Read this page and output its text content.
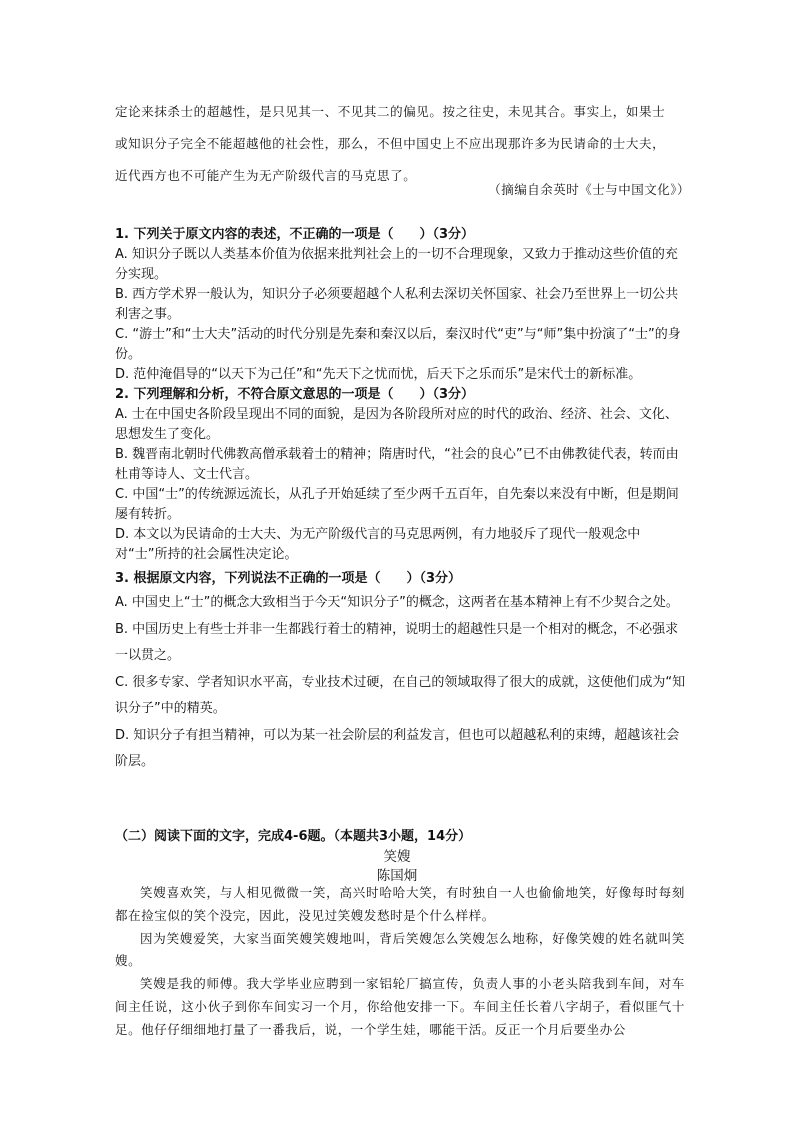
定论来抹杀士的超越性，是只见其一、不见其二的偏见。按之往史，未见其合。事实上，如果士

或知识分子完全不能超越他的社会性，那么，不但中国史上不应出现那许多为民请命的士大夫，

近代西方也不可能产生为无产阶级代言的马克思了。

（摘编自余英时《士与中国文化》）

1. 下列关于原文内容的表述，不正确的一项是（　　）（3分）

A. 知识分子既以人类基本价值为依据来批判社会上的一切不合理现象，又致力于推动这些价值的充分实现。

B. 西方学术界一般认为，知识分子必须要超越个人私利去深切关怀国家、社会乃至世界上一切公共利害之事。

C. “游士”和“士大夫”活动的时代分别是先秦和秦汉以后，秦汉时代“吏”与“师”集中扮演了“士”的身份。

D. 范仲淹倡导的“以天下为己任”和“先天下之忧而忧，后天下之乐而乐”是宋代士的新标准。

2. 下列理解和分析，不符合原文意思的一项是（　　）（3分）

A. 士在中国史各阶段呈现出不同的面貌，是因为各阶段所对应的时代的政治、经济、社会、文化、思想发生了变化。

B. 魏晋南北朝时代佛教高僧承载着士的精神；隋唐时代，“社会的良心”已不由佛教徒代表，转而由杜甫等诗人、文士代言。

C. 中国“士”的传统源远流长，从孔子开始延续了至少两千五百年，自先秦以来没有中断，但是期间屡有转折。

D. 本文以为民请命的士大夫、为无产阶级代言的马克思两例，有力地驳斥了现代一般观念中对“士”所持的社会属性决定论。

3. 根据原文内容，下列说法不正确的一项是（　　）（3分）

A. 中国史上“士”的概念大致相当于今天“知识分子”的概念，这两者在基本精神上有不少契合之处。

B. 中国历史上有些士并非一生都践行着士的精神，说明士的超越性只是一个相对的概念，不必强求一以贯之。

C. 很多专家、学者知识水平高，专业技术过硬，在自己的领域取得了很大的成就，这使他们成为“知识分子”中的精英。

D. 知识分子有担当精神，可以为某一社会阶层的利益发言，但也可以超越私利的束缚，超越该社会阶层。

（二）阅读下面的文字，完成4-6题。（本题共3小题，14分）
笑嫂
陈国炯

笑嫂喜欢笑，与人相见微微一笑，高兴时哈哈大笑，有时独自一人也偷偷地笑，好像每时每刻都在捡宝似的笑个没完，因此，没见过笑嫂发愁时是个什么样样。

因为笑嫂爱笑，大家当面笑嫂笑嫂地叫，背后笑嫂怎么笑嫂怎么地称，好像笑嫂的姓名就叫笑嫂。

笑嫂是我的师傅。我大学毕业应聘到一家铝轮厂搞宣传，负责人事的小老头陪我到车间，对车间主任说，这小伙子到你车间实习一个月，你给他安排一下。车间主任长着八字胡子，看似匪气十足。他仔仔细细地打量了一番我后，说，一个学生娃，哪能干活。反正一个月后要坐办公
